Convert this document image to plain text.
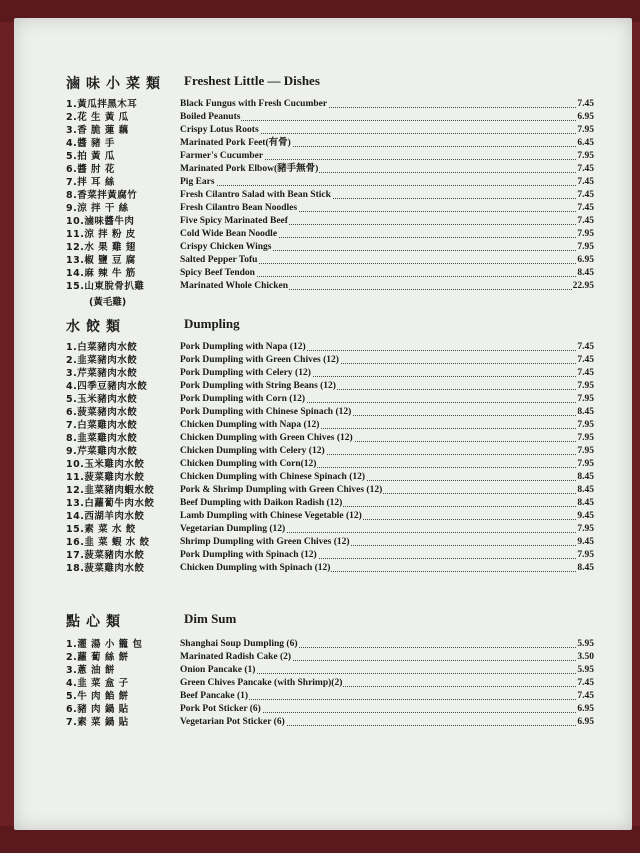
滷味小菜類 Freshest Little — Dishes
1.黃瓜拌黑木耳	Black Fungus with Fresh Cucumber	7.45
2.花 生 黃 瓜	Boiled Peanuts	6.95
3.香 脆 蓮 藕	Crispy Lotus Roots	7.95
4.醬 豬 手	Marinated Pork Feet(有骨)	6.45
5.拍 黃 瓜	Farmer's Cucumber	7.95
6.醬 肘 花	Marinated Pork Elbow(豬手無骨)	7.45
7.拌 耳 絲	Pig Ears	7.45
8.香菜拌黃腐竹	Fresh Cilantro Salad with Bean Stick	7.45
9.涼 拌 干 絲	Fresh Cilantro Bean Noodles	7.45
10.滷味醬牛肉	Five Spicy Marinated Beef	7.45
11.涼 拌 粉 皮	Cold Wide Bean Noodle	7.95
12.水 果 雞 翅	Crispy Chicken Wings	7.95
13.椒 鹽 豆 腐	Salted Pepper Tofu	6.95
14.麻 辣 牛 筋	Spicy Beef Tendon	8.45
15.山東脫骨扒雞	Marinated Whole Chicken	22.95
(黃毛雞)
水餃類	Dumpling
1.白菜豬肉水餃	Pork Dumpling with Napa (12)	7.45
2.韭菜豬肉水餃	Pork Dumpling with Green Chives (12)	7.45
3.芹菜豬肉水餃	Pork Dumpling with Celery (12)	7.45
4.四季豆豬肉水餃	Pork Dumpling with String Beans (12)	7.95
5.玉米豬肉水餃	Pork Dumpling with Corn (12)	7.95
6.菠菜豬肉水餃	Pork Dumpling with Chinese Spinach (12)	8.45
7.白菜雞肉水餃	Chicken Dumpling with Napa (12)	7.95
8.韭菜雞肉水餃	Chicken Dumpling with Green Chives (12)	7.95
9.芹菜雞肉水餃	Chicken Dumpling with Celery (12)	7.95
10.玉米雞肉水餃	Chicken Dumpling with Corn(12)	7.95
11.菠菜雞肉水餃	Chicken Dumpling with Chinese Spinach (12)	8.45
12.韭菜豬肉蝦水餃	Pork & Shrimp Dumpling with Green Chives (12)	8.45
13.白蘿蔔牛肉水餃	Beef Dumpling with Daikon Radish (12)	8.45
14.西湖羊肉水餃	Lamb Dumpling with Chinese Vegetable (12)	9.45
15.素 菜 水 餃	Vegetarian Dumpling (12)	7.95
16.韭 菜 蝦 水 餃	Shrimp Dumpling with Green Chives (12)	9.45
17.菠菜豬肉水餃	Pork Dumpling with Spinach (12)	7.95
18.菠菜雞肉水餃	Chicken Dumpling with Spinach (12)	8.45
點心類	Dim Sum
1.灌 湯 小 籠 包	Shanghai Soup Dumpling (6)	5.95
2.蘿 蔔 絲 餅	Marinated Radish Cake (2)	3.50
3.蔥 油 餅	Onion Pancake (1)	5.95
4.韭 菜 盒 子	Green Chives Pancake (with Shrimp)(2)	7.45
5.牛 肉 餡 餅	Beef Pancake (1)	7.45
6.豬 肉 鍋 貼	Pork Pot Sticker (6)	6.95
7.素 菜 鍋 貼	Vegetarian Pot Sticker (6)	6.95
